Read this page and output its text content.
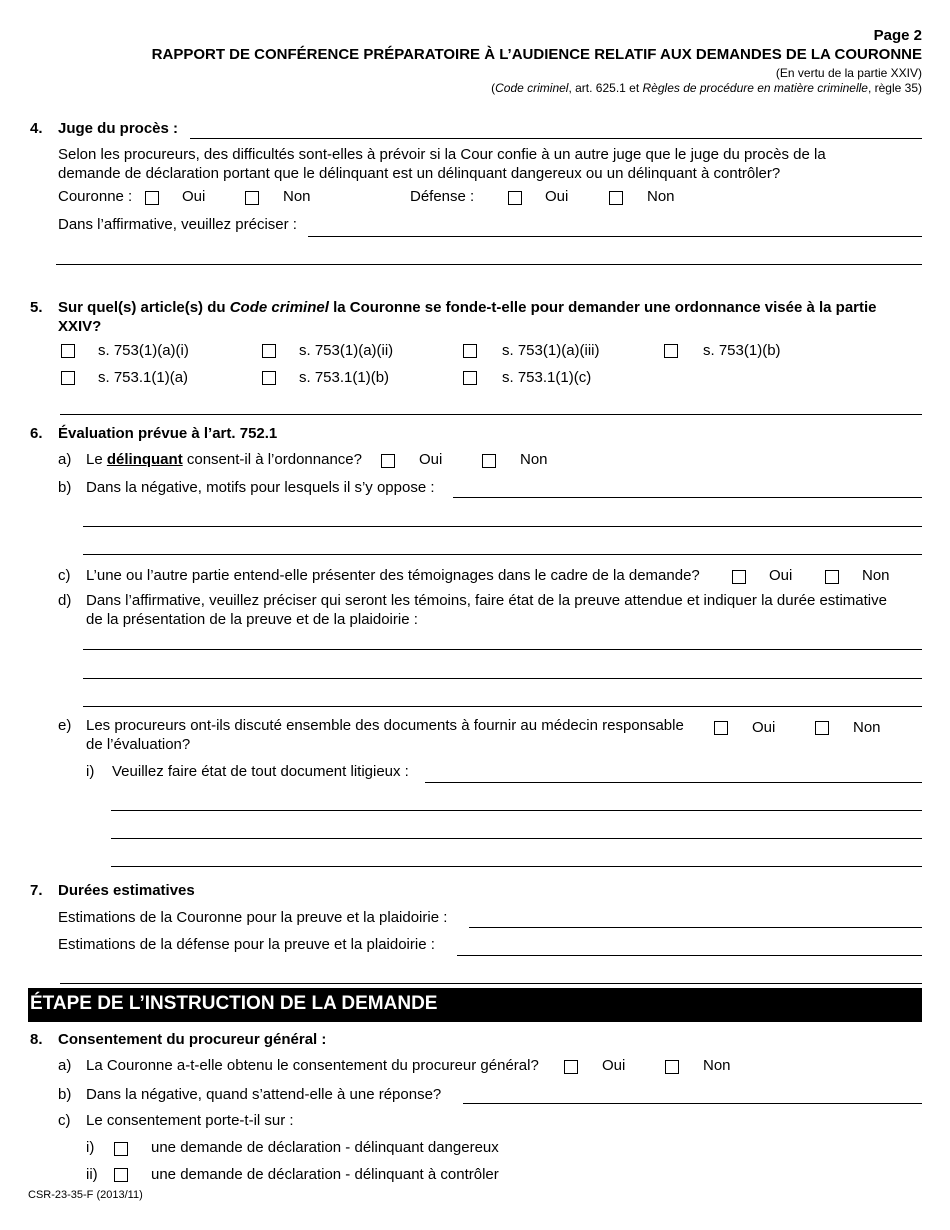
Page 2
RAPPORT DE CONFÉRENCE PRÉPARATOIRE À L’AUDIENCE RELATIF AUX DEMANDES DE LA COURONNE
(En vertu de la partie XXIV)
(Code criminel, art. 625.1 et Règles de procédure en matière criminelle, règle 35)
4. Juge du procès :
Selon les procureurs, des difficultés sont-elles à prévoir si la Cour confie à un autre juge que le juge du procès de la
demande de déclaration portant que le délinquant est un délinquant dangereux ou un délinquant à contrôler?
Couronne :	Oui	Non	Défense :	Oui	Non
Dans l’affirmative, veuillez préciser :
5. Sur quel(s) article(s) du Code criminel la Couronne se fonde-t-elle pour demander une ordonnance visée à la partie
XXIV?
s. 753(1)(a)(i)	s. 753(1)(a)(ii)	s. 753(1)(a)(iii)	s. 753(1)(b)
s. 753.1(1)(a)	s. 753.1(1)(b)	s. 753.1(1)(c)
6. Évaluation prévue à l’art. 752.1
a) Le délinquant consent-il à l’ordonnance?	Oui	Non
b) Dans la négative, motifs pour lesquels il s’y oppose :
c) L’une ou l’autre partie entend-elle présenter des témoignages dans le cadre de la demande?	Oui	Non
d) Dans l’affirmative, veuillez préciser qui seront les témoins, faire état de la preuve attendue et indiquer la durée estimative
de la présentation de la preuve et de la plaidoirie :
e) Les procureurs ont-ils discuté ensemble des documents à fournir au médecin responsable
de l’évaluation?
Oui	Non
i) Veuillez faire état de tout document litigieux :
7. Durées estimatives
Estimations de la Couronne pour la preuve et la plaidoirie :
Estimations de la défense pour la preuve et la plaidoirie :
ÉTAPE DE L’INSTRUCTION DE LA DEMANDE
8. Consentement du procureur général :
a) La Couronne a-t-elle obtenu le consentement du procureur général?	Oui	Non
b) Dans la négative, quand s’attend-elle à une réponse?
c) Le consentement porte-t-il sur :
i)	une demande de déclaration - délinquant dangereux
ii)	une demande de déclaration - délinquant à contrôler
CSR-23-35-F (2013/11)
